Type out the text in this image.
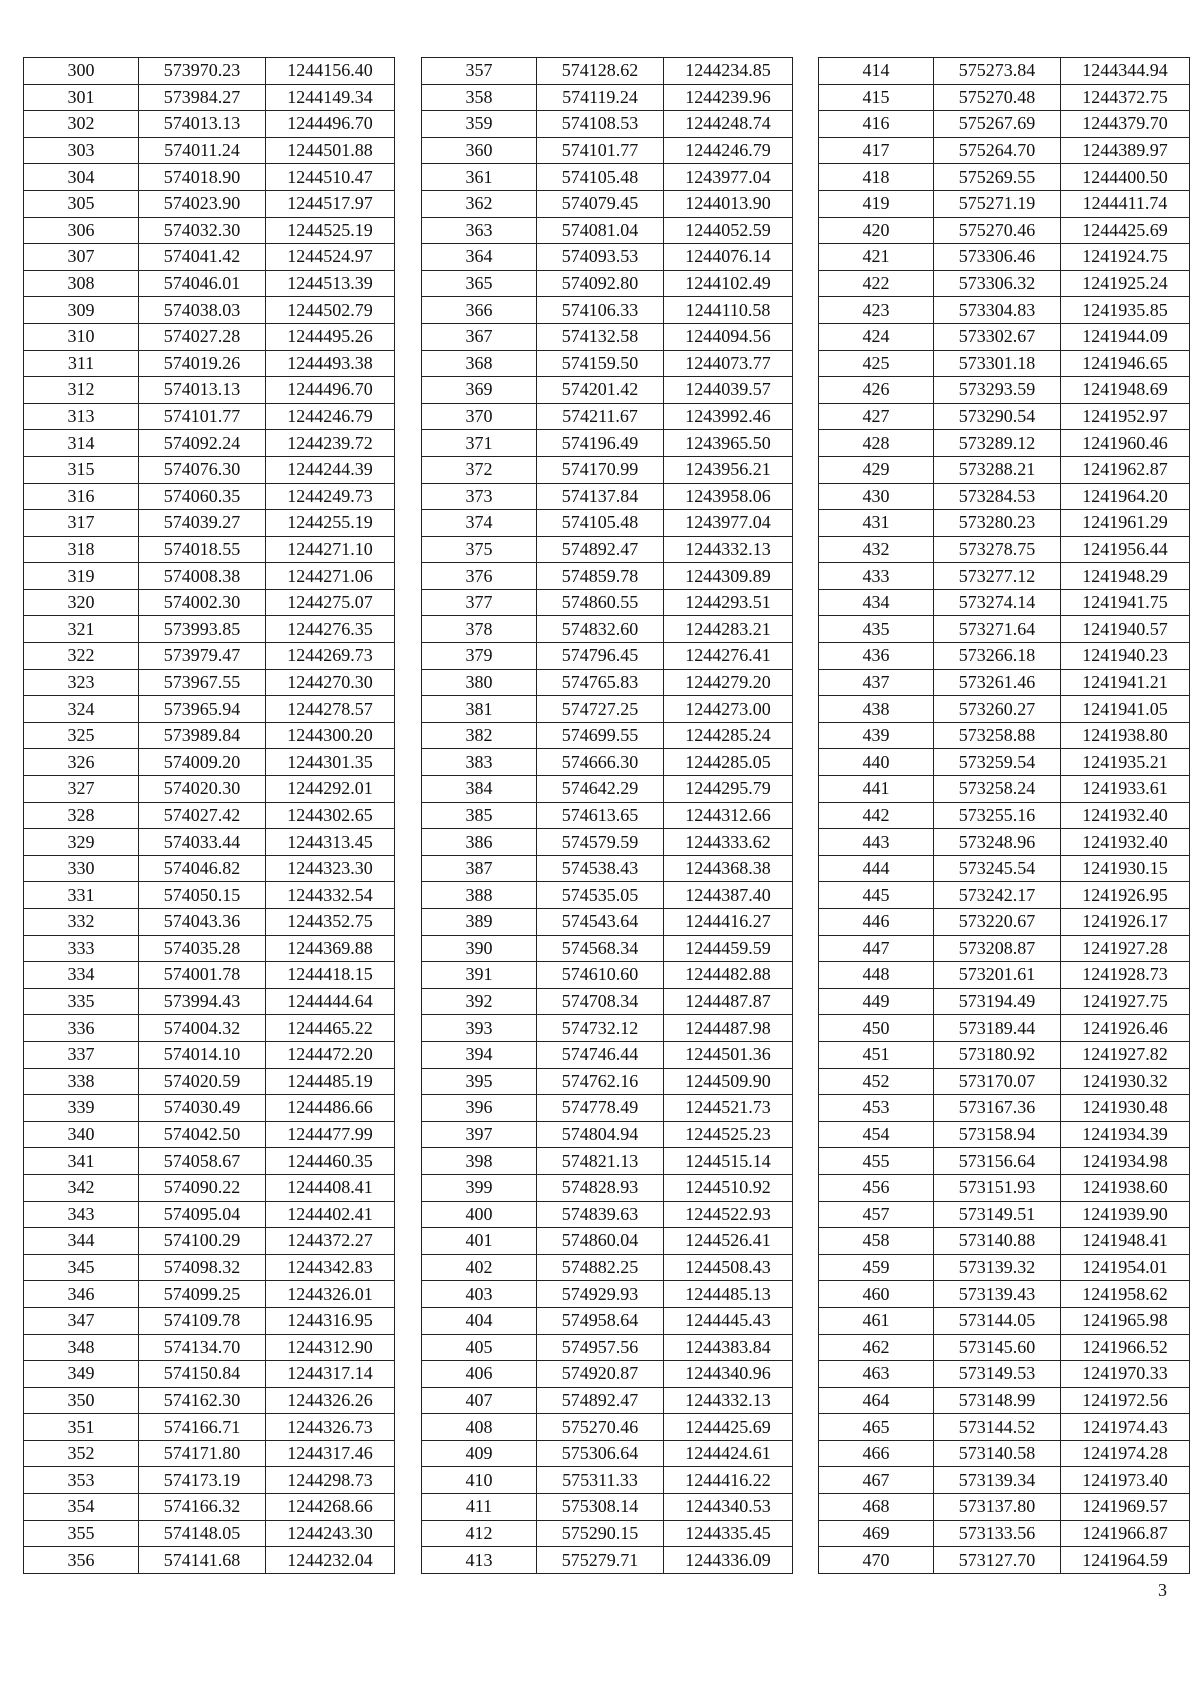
300	573970.23	1244156.40
301	573984.27	1244149.34
302	574013.13	1244496.70
303	574011.24	1244501.88
304	574018.90	1244510.47
305	574023.90	1244517.97
306	574032.30	1244525.19
307	574041.42	1244524.97
308	574046.01	1244513.39
309	574038.03	1244502.79
310	574027.28	1244495.26
311	574019.26	1244493.38
312	574013.13	1244496.70
313	574101.77	1244246.79
314	574092.24	1244239.72
315	574076.30	1244244.39
316	574060.35	1244249.73
317	574039.27	1244255.19
318	574018.55	1244271.10
319	574008.38	1244271.06
320	574002.30	1244275.07
321	573993.85	1244276.35
322	573979.47	1244269.73
323	573967.55	1244270.30
324	573965.94	1244278.57
325	573989.84	1244300.20
326	574009.20	1244301.35
327	574020.30	1244292.01
328	574027.42	1244302.65
329	574033.44	1244313.45
330	574046.82	1244323.30
331	574050.15	1244332.54
332	574043.36	1244352.75
333	574035.28	1244369.88
334	574001.78	1244418.15
335	573994.43	1244444.64
336	574004.32	1244465.22
337	574014.10	1244472.20
338	574020.59	1244485.19
339	574030.49	1244486.66
340	574042.50	1244477.99
341	574058.67	1244460.35
342	574090.22	1244408.41
343	574095.04	1244402.41
344	574100.29	1244372.27
345	574098.32	1244342.83
346	574099.25	1244326.01
347	574109.78	1244316.95
348	574134.70	1244312.90
349	574150.84	1244317.14
350	574162.30	1244326.26
351	574166.71	1244326.73
352	574171.80	1244317.46
353	574173.19	1244298.73
354	574166.32	1244268.66
355	574148.05	1244243.30
356	574141.68	1244232.04
357	574128.62	1244234.85
358	574119.24	1244239.96
359	574108.53	1244248.74
360	574101.77	1244246.79
361	574105.48	1243977.04
362	574079.45	1244013.90
363	574081.04	1244052.59
364	574093.53	1244076.14
365	574092.80	1244102.49
366	574106.33	1244110.58
367	574132.58	1244094.56
368	574159.50	1244073.77
369	574201.42	1244039.57
370	574211.67	1243992.46
371	574196.49	1243965.50
372	574170.99	1243956.21
373	574137.84	1243958.06
374	574105.48	1243977.04
375	574892.47	1244332.13
376	574859.78	1244309.89
377	574860.55	1244293.51
378	574832.60	1244283.21
379	574796.45	1244276.41
380	574765.83	1244279.20
381	574727.25	1244273.00
382	574699.55	1244285.24
383	574666.30	1244285.05
384	574642.29	1244295.79
385	574613.65	1244312.66
386	574579.59	1244333.62
387	574538.43	1244368.38
388	574535.05	1244387.40
389	574543.64	1244416.27
390	574568.34	1244459.59
391	574610.60	1244482.88
392	574708.34	1244487.87
393	574732.12	1244487.98
394	574746.44	1244501.36
395	574762.16	1244509.90
396	574778.49	1244521.73
397	574804.94	1244525.23
398	574821.13	1244515.14
399	574828.93	1244510.92
400	574839.63	1244522.93
401	574860.04	1244526.41
402	574882.25	1244508.43
403	574929.93	1244485.13
404	574958.64	1244445.43
405	574957.56	1244383.84
406	574920.87	1244340.96
407	574892.47	1244332.13
408	575270.46	1244425.69
409	575306.64	1244424.61
410	575311.33	1244416.22
411	575308.14	1244340.53
412	575290.15	1244335.45
413	575279.71	1244336.09
414	575273.84	1244344.94
415	575270.48	1244372.75
416	575267.69	1244379.70
417	575264.70	1244389.97
418	575269.55	1244400.50
419	575271.19	1244411.74
420	575270.46	1244425.69
421	573306.46	1241924.75
422	573306.32	1241925.24
423	573304.83	1241935.85
424	573302.67	1241944.09
425	573301.18	1241946.65
426	573293.59	1241948.69
427	573290.54	1241952.97
428	573289.12	1241960.46
429	573288.21	1241962.87
430	573284.53	1241964.20
431	573280.23	1241961.29
432	573278.75	1241956.44
433	573277.12	1241948.29
434	573274.14	1241941.75
435	573271.64	1241940.57
436	573266.18	1241940.23
437	573261.46	1241941.21
438	573260.27	1241941.05
439	573258.88	1241938.80
440	573259.54	1241935.21
441	573258.24	1241933.61
442	573255.16	1241932.40
443	573248.96	1241932.40
444	573245.54	1241930.15
445	573242.17	1241926.95
446	573220.67	1241926.17
447	573208.87	1241927.28
448	573201.61	1241928.73
449	573194.49	1241927.75
450	573189.44	1241926.46
451	573180.92	1241927.82
452	573170.07	1241930.32
453	573167.36	1241930.48
454	573158.94	1241934.39
455	573156.64	1241934.98
456	573151.93	1241938.60
457	573149.51	1241939.90
458	573140.88	1241948.41
459	573139.32	1241954.01
460	573139.43	1241958.62
461	573144.05	1241965.98
462	573145.60	1241966.52
463	573149.53	1241970.33
464	573148.99	1241972.56
465	573144.52	1241974.43
466	573140.58	1241974.28
467	573139.34	1241973.40
468	573137.80	1241969.57
469	573133.56	1241966.87
470	573127.70	1241964.59
3
